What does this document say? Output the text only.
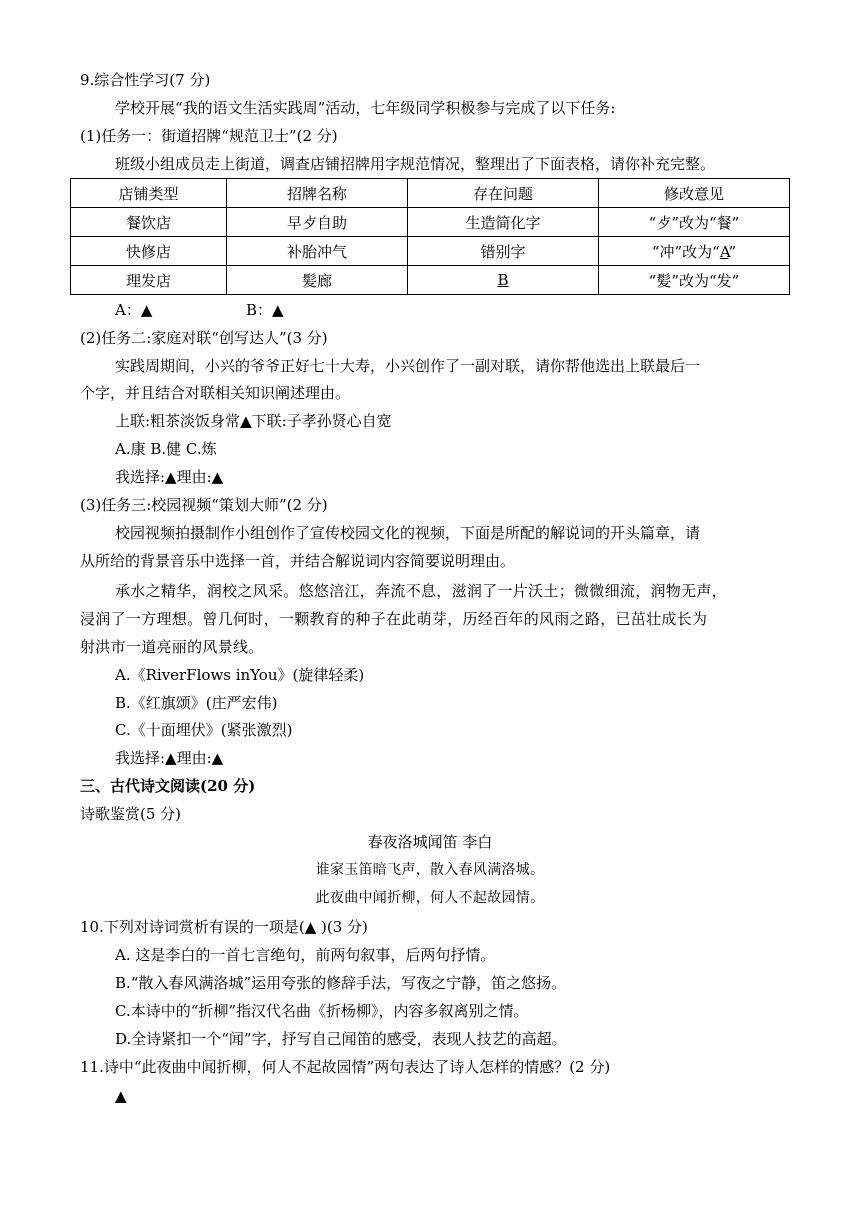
9.综合性学习(7 分)
学校开展“我的语文生活实践周”活动，七年级同学积极参与完成了以下任务:
(1)任务一：街道招牌“规范卫士”(2 分)
班级小组成员走上街道，调查店铺招牌用字规范情况，整理出了下面表格，请你补充完整。
店铺类型	招牌名称	存在问题	修改意见
餐饮店	早歺自助	生造简化字	“歺”改为“餐”
快修店	补胎冲气	错别字	“冲”改为“A”
理发店	髪廊	B	“髪”改为“发”
A：▲	B：▲
(2)任务二:家庭对联“创写达人”(3 分)
实践周期间，小兴的爷爷正好七十大寿，小兴创作了一副对联，请你帮他选出上联最后一
个字，并且结合对联相关知识阐述理由。
上联:粗茶淡饭身常▲下联:子孝孙贤心自宽
A.康 B.健 C.炼
我选择:▲理由:▲
(3)任务三:校园视频“策划大师”(2 分)
校园视频拍摄制作小组创作了宣传校园文化的视频，下面是所配的解说词的开头篇章，请
从所给的背景音乐中选择一首，并结合解说词内容简要说明理由。
承水之精华，润校之风采。悠悠涪江，奔流不息，滋润了一片沃土；微微细流，润物无声，
浸润了一方理想。曾几何时，一颗教育的种子在此萌芽，历经百年的风雨之路，已茁壮成长为
射洪市一道亮丽的风景线。
A.《RiverFlows inYou》(旋律轻柔)
B.《红旗颂》(庄严宏伟)
C.《十面埋伏》(紧张激烈)
我选择:▲理由:▲
三、古代诗文阅读(20 分)
诗歌鉴赏(5 分)
春夜洛城闻笛 李白
谁家玉笛暗飞声，散入春风满洛城。
此夜曲中闻折柳，何人不起故园情。
10.下列对诗词赏析有误的一项是(▲ )(3 分)
A. 这是李白的一首七言绝句，前两句叙事，后两句抒情。
B.“散入春风满洛城”运用夸张的修辞手法，写夜之宁静，笛之悠扬。
C.本诗中的“折柳”指汉代名曲《折杨柳》，内容多叙离别之情。
D.全诗紧扣一个“闻”字，抒写自己闻笛的感受，表现人技艺的高超。
11.诗中“此夜曲中闻折柳，何人不起故园情”两句表达了诗人怎样的情感？(2 分)
▲
